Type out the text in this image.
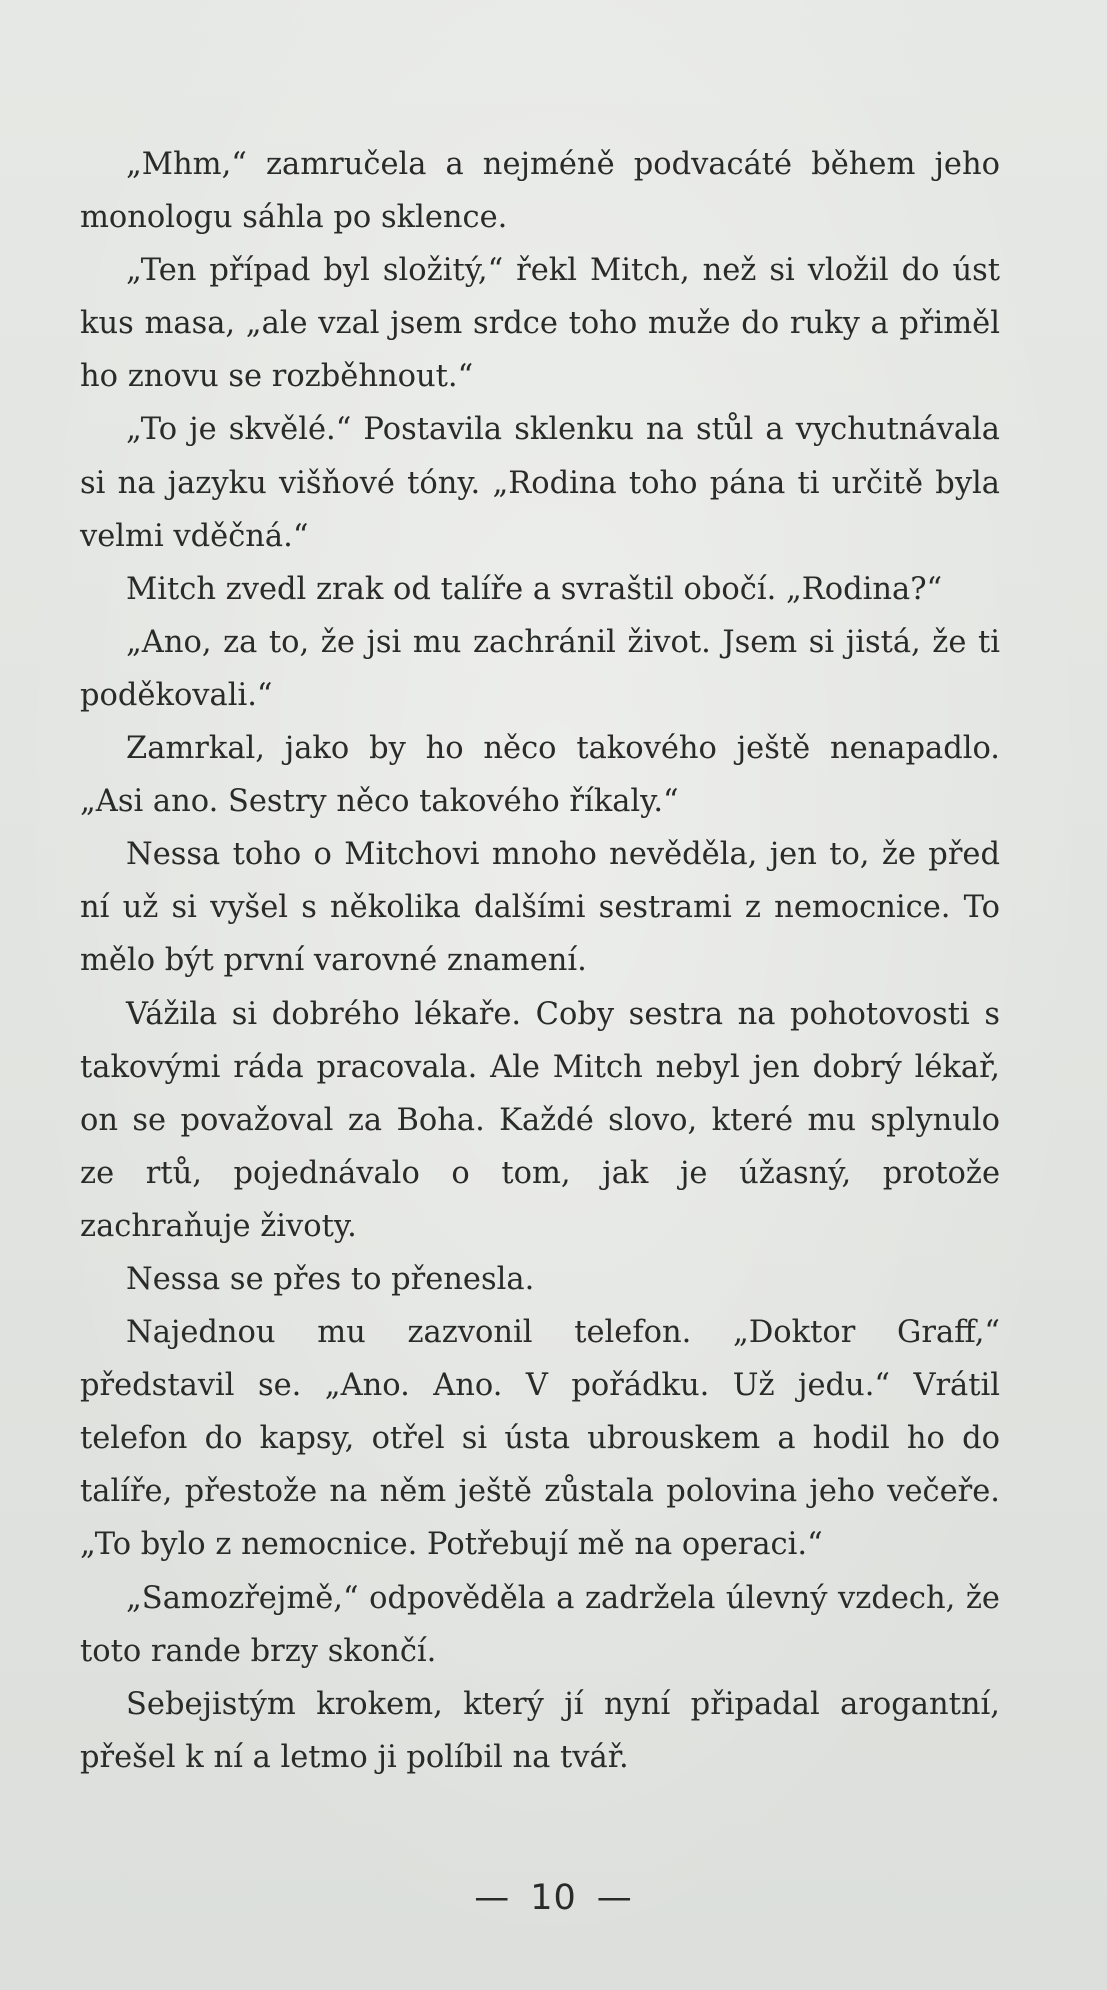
„Mhm,“ zamručela a nejméně podvacáté během jeho monologu sáhla po sklence.

„Ten případ byl složitý,“ řekl Mitch, než si vložil do úst kus masa, „ale vzal jsem srdce toho muže do ruky a přiměl ho znovu se rozběhnout.“

„To je skvělé.“ Postavila sklenku na stůl a vychutnávala si na jazyku višňové tóny. „Rodina toho pána ti určitě byla velmi vděčná.“

Mitch zvedl zrak od talíře a svraštil obočí. „Rodina?“

„Ano, za to, že jsi mu zachránil život. Jsem si jistá, že ti poděkovali.“

Zamrkal, jako by ho něco takového ještě nenapadlo. „Asi ano. Sestry něco takového říkaly.“

Nessa toho o Mitchovi mnoho nevěděla, jen to, že před ní už si vyšel s několika dalšími sestrami z nemocnice. To mělo být první varovné znamení.

Vážila si dobrého lékaře. Coby sestra na pohotovosti s takovými ráda pracovala. Ale Mitch nebyl jen dobrý lékař, on se považoval za Boha. Každé slovo, které mu splynulo ze rtů, pojednávalo o tom, jak je úžasný, protože zachraňuje životy.

Nessa se přes to přenesla.

Najednou mu zazvonil telefon. „Doktor Graff,“ představil se. „Ano. Ano. V pořádku. Už jedu.“ Vrátil telefon do kapsy, otřel si ústa ubrouskem a hodil ho do talíře, přestože na něm ještě zůstala polovina jeho večeře. „To bylo z nemocnice. Potřebují mě na operaci.“

„Samozřejmě,“ odpověděla a zadržela úlevný vzdech, že toto rande brzy skončí.

Sebejistým krokem, který jí nyní připadal arogantní, přešel k ní a letmo ji políbil na tvář.

— 10 —
